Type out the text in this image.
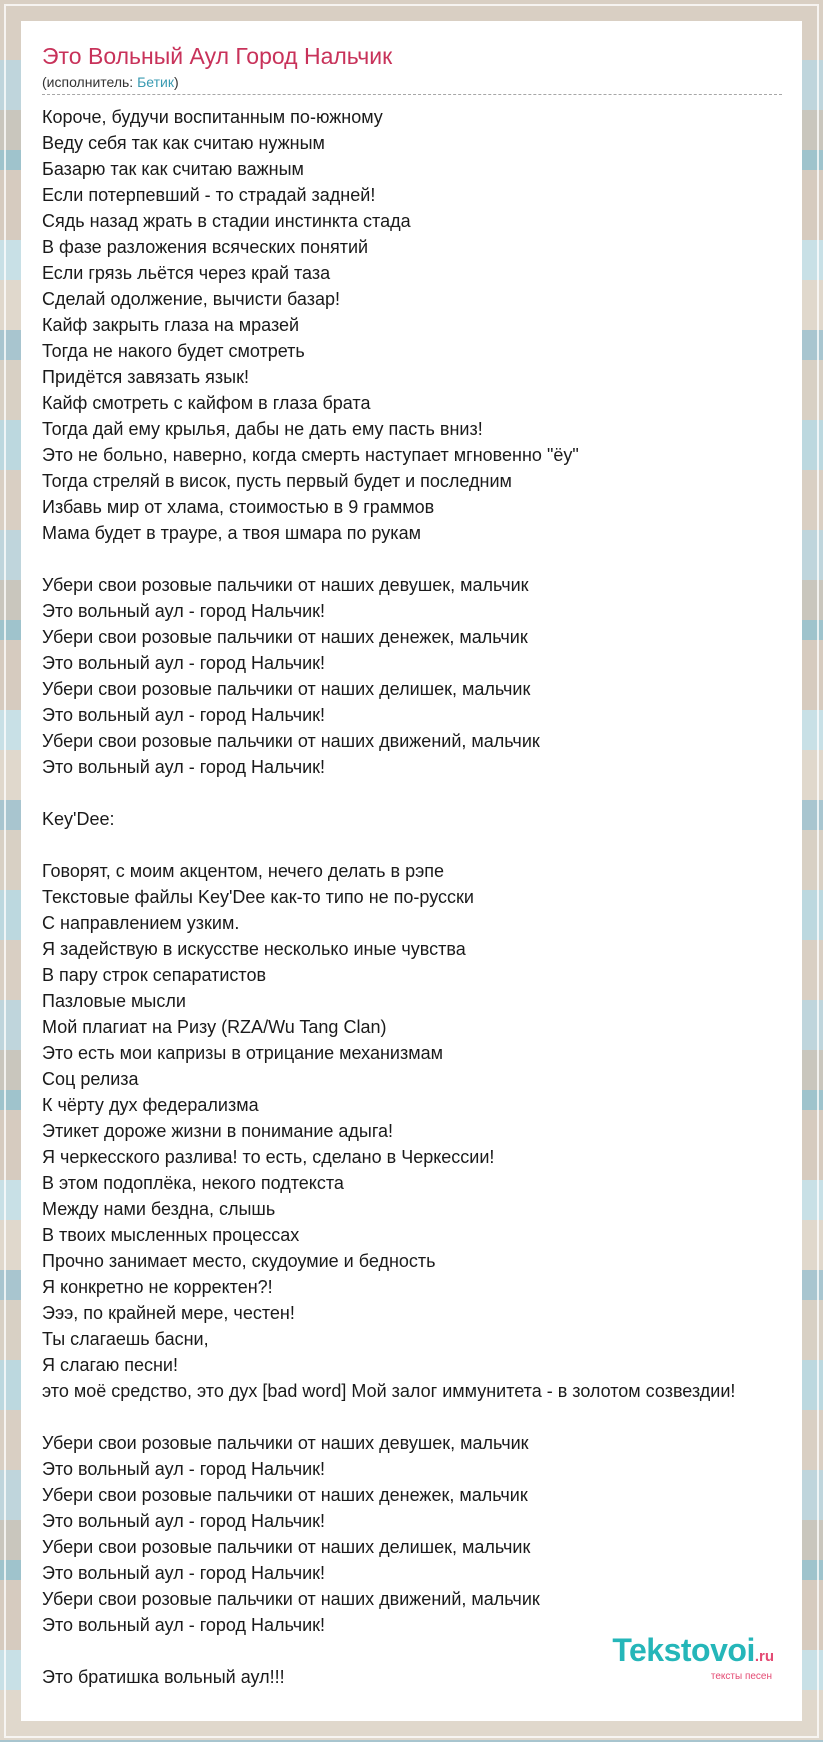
Это Вольный Аул Город Нальчик
(исполнитель: Бетик)
Короче, будучи воспитанным по-южному
Веду себя так как считаю нужным
Базарю так как считаю важным
Если потерпевший - то страдай задней!
Сядь назад жрать в стадии инстинкта стада
В фазе разложения всяческих понятий
Если грязь льётся через край таза
Сделай одолжение, вычисти базар!
Кайф закрыть глаза на мразей
Тогда не накого будет смотреть
Придётся завязать язык!
Кайф смотреть с кайфом в глаза брата
Тогда дай ему крылья, дабы не дать ему пасть вниз!
Это не больно, наверно, когда смерть наступает мгновенно "ёу"
Тогда стреляй в висок, пусть первый будет и последним
Избавь мир от хлама, стоимостью в 9 граммов
Мама будет в трауре, а твоя шмара по рукам
Убери свои розовые пальчики от наших девушек, мальчик
Это вольный аул - город Нальчик!
Убери свои розовые пальчики от наших денежек, мальчик
Это вольный аул - город Нальчик!
Убери свои розовые пальчики от наших делишек, мальчик
Это вольный аул - город Нальчик!
Убери свои розовые пальчики от наших движений, мальчик
Это вольный аул - город Нальчик!
Key'Dee:
Говорят, с моим акцентом, нечего делать в рэпе
Текстовые файлы Key'Dee как-то типо не по-русски
С направлением узким.
Я задействую в искусстве несколько иные чувства
В пару строк сепаратистов
Пазловые мысли
Мой плагиат на Ризу (RZA/Wu Tang Clan)
Это есть мои капризы в отрицание механизмам
Соц релиза
К чёрту дух федерализма
Этикет дороже жизни в понимание адыга!
Я черкесского разлива! то есть, сделано в Черкессии!
В этом подоплёка, некого подтекста
Между нами бездна, слышь
В твоих мысленных процессах
Прочно занимает место, скудоумие и бедность
Я конкретно не корректен?!
Эээ, по крайней мере, честен!
Ты слагаешь басни,
Я слагаю песни!
это моё средство, это дух [bad word] Мой залог иммунитета - в золотом созвездии!
Убери свои розовые пальчики от наших девушек, мальчик
Это вольный аул - город Нальчик!
Убери свои розовые пальчики от наших денежек, мальчик
Это вольный аул - город Нальчик!
Убери свои розовые пальчики от наших делишек, мальчик
Это вольный аул - город Нальчик!
Убери свои розовые пальчики от наших движений, мальчик
Это вольный аул - город Нальчик!
Это братишка вольный аул!!!
Tekstovoi.ru
тексты песен
